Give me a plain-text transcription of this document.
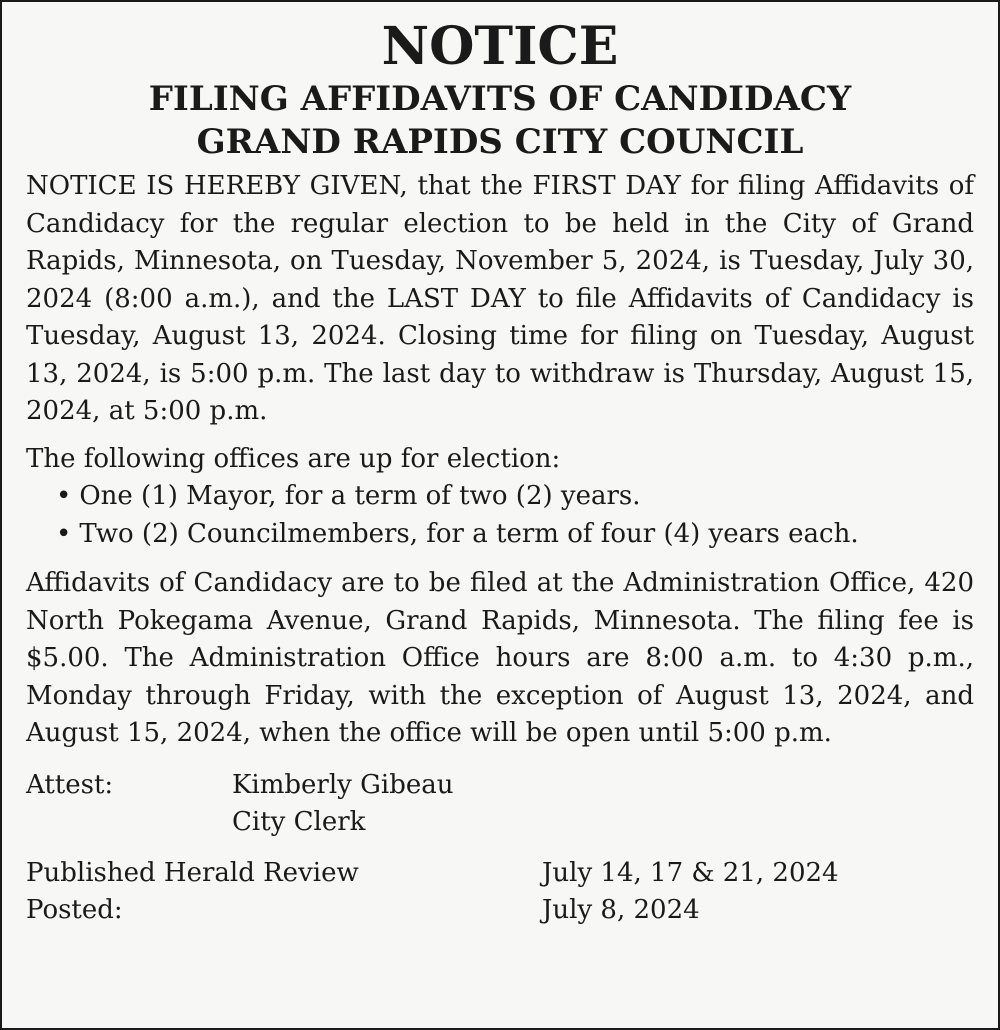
NOTICE
FILING AFFIDAVITS OF CANDIDACY
GRAND RAPIDS CITY COUNCIL

NOTICE IS HEREBY GIVEN, that the FIRST DAY for filing Affidavits of Candidacy for the regular election to be held in the City of Grand Rapids, Minnesota, on Tuesday, November 5, 2024, is Tuesday, July 30, 2024 (8:00 a.m.), and the LAST DAY to file Affidavits of Candidacy is Tuesday, August 13, 2024. Closing time for filing on Tuesday, August 13, 2024, is 5:00 p.m. The last day to withdraw is Thursday, August 15, 2024, at 5:00 p.m.

The following offices are up for election:

• One (1) Mayor, for a term of two (2) years.
• Two (2) Councilmembers, for a term of four (4) years each.

Affidavits of Candidacy are to be filed at the Administration Office, 420 North Pokegama Avenue, Grand Rapids, Minnesota. The filing fee is $5.00. The Administration Office hours are 8:00 a.m. to 4:30 p.m., Monday through Friday, with the exception of August 13, 2024, and August 15, 2024, when the office will be open until 5:00 p.m.

Attest:	Kimberly Gibeau
City Clerk
Published Herald Review	July 14, 17 & 21, 2024
Posted:	July 8, 2024
